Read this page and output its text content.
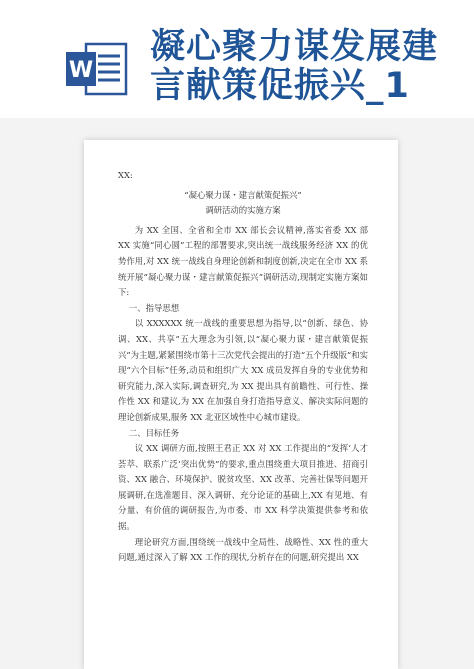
W
凝心聚力谋发展建言献策促振兴_1

XX:

“凝心聚力谋・建言献策促振兴”

调研活动的实施方案

为 XX 全国、全省和全市 XX 部长会议精神,落实省委 XX 部 XX 实施“同心圆”工程的部署要求,突出统一战线服务经济 XX 的优势作用,对 XX 统一战线自身理论创新和制度创新,决定在全市 XX 系统开展“凝心聚力谋・建言献策促振兴”调研活动,现制定实施方案如下:

一、指导思想

以 XXXXXX 统一战线的重要思想为指导,以“创新、绿色、协调、XX、共享”五大理念为引领,以“凝心聚力谋・建言献策促振兴”为主题,紧紧围绕市第十三次党代会提出的打造“五个升级版”和实现“六个目标”任务,动员和组织广大 XX 成员发挥自身的专业优势和研究能力,深入实际,调查研究,为 XX 提出具有前瞻性、可行性、操作性 XX 和建议,为 XX 在加强自身打造指导意义、解决实际问题的理论创新成果,服务 XX 北亚区域性中心城市建设。

二、目标任务

议 XX 调研方面,按照王君正 XX 对 XX 工作提出的“发挥‘人才荟萃、联系广泛’突出优势”的要求,重点围绕重大项目推进、招商引资、XX 融合、环境保护、脱贫攻坚、XX 改革、完善社保等问题开展调研,在选准题目、深入调研、充分论证的基础上,XX 有见地、有分量、有价值的调研报告,为市委、市 XX 科学决策提供参考和依据。

理论研究方面,围绕统一战线中全局性、战略性、XX 性的重大问题,通过深入了解 XX 工作的现状,分析存在的问题,研究提出 XX
